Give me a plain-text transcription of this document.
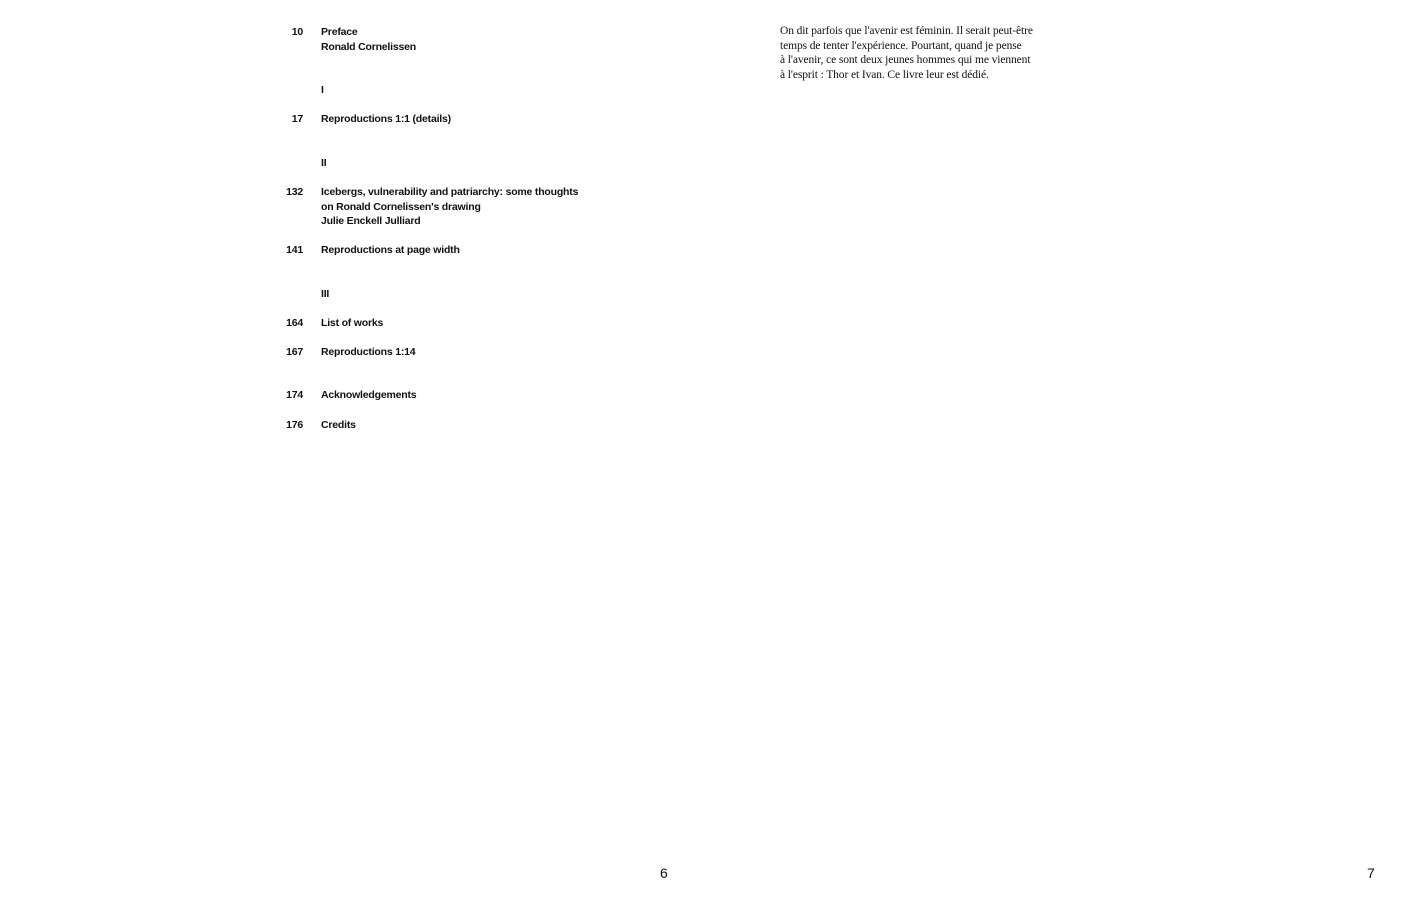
10 Preface
Ronald Cornelissen
I
17 Reproductions 1:1 (details)
II
132 Icebergs, vulnerability and patriarchy: some thoughts
on Ronald Cornelissen's drawing
Julie Enckell Julliard
141 Reproductions at page width
III
164 List of works
167 Reproductions 1:14
174 Acknowledgements
176 Credits
6
On dit parfois que l'avenir est féminin. Il serait peut-être
temps de tenter l'expérience. Pourtant, quand je pense
à l'avenir, ce sont deux jeunes hommes qui me viennent
à l'esprit : Thor et Ivan. Ce livre leur est dédié.
7
